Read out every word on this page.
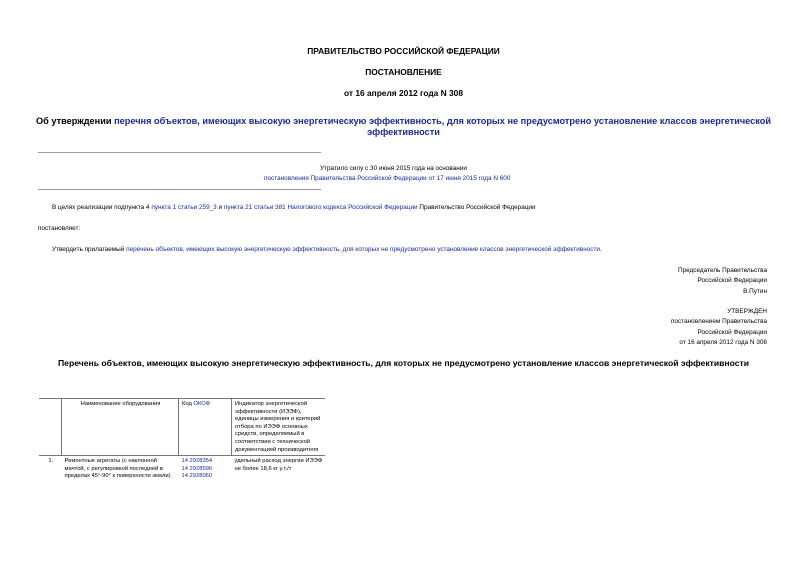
ПРАВИТЕЛЬСТВО РОССИЙСКОЙ ФЕДЕРАЦИИ
ПОСТАНОВЛЕНИЕ
от 16 апреля 2012 года N 308
Об утверждении перечня объектов, имеющих высокую энергетическую эффективность, для которых не предусмотрено установление классов энергетической
эффективности
Утратило силу с 30 июня 2015 года на основании
постановления Правительства Российской Федерации от 17 июня 2015 года N 600
В целях реализации подпункта 4 пункта 1 статьи 259_3 и пункта 21 статьи 381 Налогового кодекса Российской Федерации Правительство Российской Федерации
постановляет:
Утвердить прилагаемый перечень объектов, имеющих высокую энергетическую эффективность, для которых не предусмотрено установление классов энергетической эффективности.
Председатель Правительства
Российской Федерации
В.Путин
УТВЕРЖДЕН
постановлением Правительства
Российской Федерации
от 16 апреля 2012 года N 308
Перечень объектов, имеющих высокую энергетическую эффективность, для которых не предусмотрено установление классов энергетической эффективности
	Наименование оборудования	Код ОКОФ	Индикатор энергетической эффективности (ИЭЭФ), единицы измерения и критерий отбора по ИЭЭФ основных средств, определяемый в соответствии с технической документацией производителя
1.	Ремонтные агрегаты (с наклонной мачтой, с регулировкой последней в пределах 45°-90° к поверхности земли)	14 2928354
14 2928596
14 2928060	удельный расход энергии ИЭЭФ не более 18,6 кг у.т./т
